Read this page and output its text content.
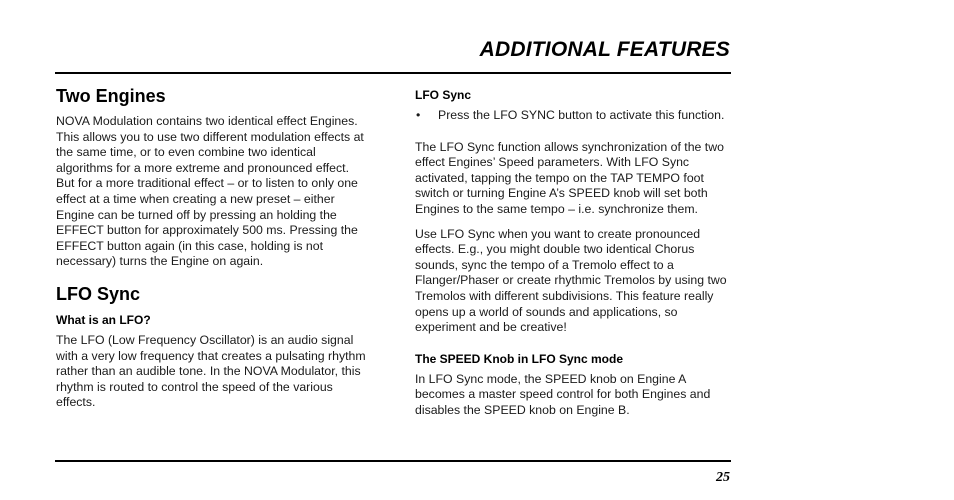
ADDITIONAL FEATURES
Two Engines

NOVA Modulation contains two identical effect Engines. This allows you to use two different modulation effects at the same time, or to even combine two identical algorithms for a more extreme and pronounced effect.

But for a more traditional effect – or to listen to only one effect at a time when creating a new preset – either Engine can be turned off by pressing an holding the EFFECT button for approximately 500 ms. Pressing the EFFECT button again (in this case, holding is not necessary) turns the Engine on again.

LFO Sync
What is an LFO?

The LFO (Low Frequency Oscillator) is an audio signal with a very low frequency that creates a pulsating rhythm rather than an audible tone. In the NOVA Modulator, this rhythm is routed to control the speed of the various effects.

LFO Sync
•	Press the LFO SYNC button to activate this function.

The LFO Sync function allows synchronization of the two effect Engines’ Speed parameters. With LFO Sync activated, tapping the tempo on the TAP TEMPO foot switch or turning Engine A’s SPEED knob will set both Engines to the same tempo – i.e. synchronize them.

Use LFO Sync when you want to create pronounced effects. E.g., you might double two identical Chorus sounds, sync the tempo of a Tremolo effect to a Flanger/Phaser or create rhythmic Tremolos by using two Tremolos with different subdivisions. This feature really opens up a world of sounds and applications, so experiment and be creative!

The SPEED Knob in LFO Sync mode

In LFO Sync mode, the SPEED knob on Engine A becomes a master speed control for both Engines and disables the SPEED knob on Engine B.

25
